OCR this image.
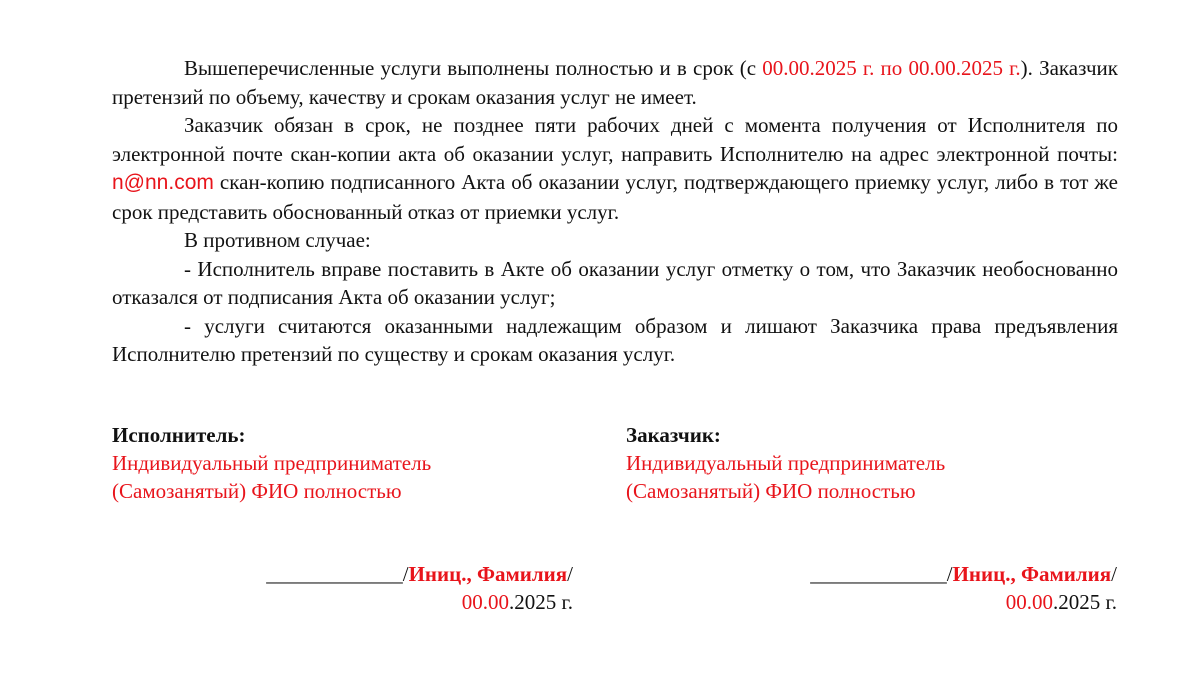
Вышеперечисленные услуги выполнены полностью и в срок (с 00.00.2025 г. по 00.00.2025 г.). Заказчик претензий по объему, качеству и срокам оказания услуг не имеет.

Заказчик обязан в срок, не позднее пяти рабочих дней с момента получения от Исполнителя по электронной почте скан-копии акта об оказании услуг, направить Исполнителю на адрес электронной почты: n@nn.com скан-копию подписанного Акта об оказании услуг, подтверждающего приемку услуг, либо в тот же срок представить обоснованный отказ от приемки услуг.

В противном случае:

- Исполнитель вправе поставить в Акте об оказании услуг отметку о том, что Заказчик необоснованно отказался от подписания Акта об оказании услуг;

- услуги считаются оказанными надлежащим образом и лишают Заказчика права предъявления Исполнителю претензий по существу и срокам оказания услуг.

Исполнитель:
Индивидуальный предприниматель
(Самозанятый) ФИО полностью
Заказчик:
Индивидуальный предприниматель
(Самозанятый) ФИО полностью
_____________/Иниц., Фамилия/
00.00.2025 г.
_____________/Иниц., Фамилия/
00.00.2025 г.
